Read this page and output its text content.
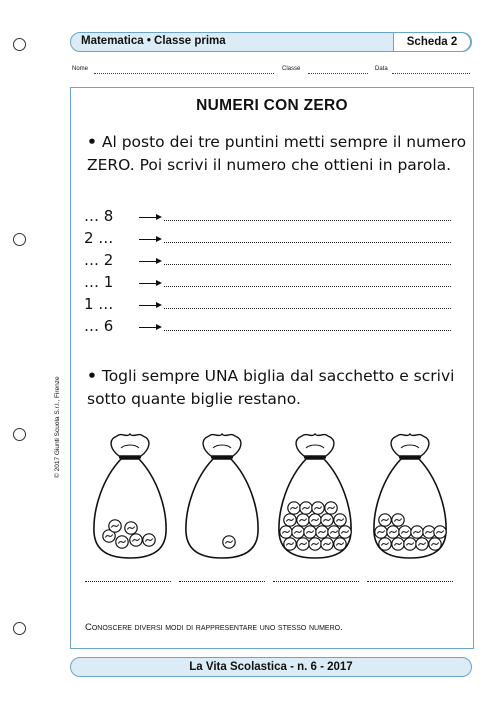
Matematica • Classe prima	Scheda 2
Nome	Classe	Data
NUMERI CON ZERO
• Al posto dei tre puntini metti sempre il numero ZERO. Poi scrivi il numero che ottieni in parola.
… 8
2 …
… 2
… 1
1 …
… 6
• Togli sempre UNA biglia dal sacchetto e scrivi sotto quante biglie restano.
Conoscere diversi modi di rappresentare uno stesso numero.
© 2017 Giunti Scuola S.r.l., Firenze
La Vita Scolastica - n. 6 - 2017
